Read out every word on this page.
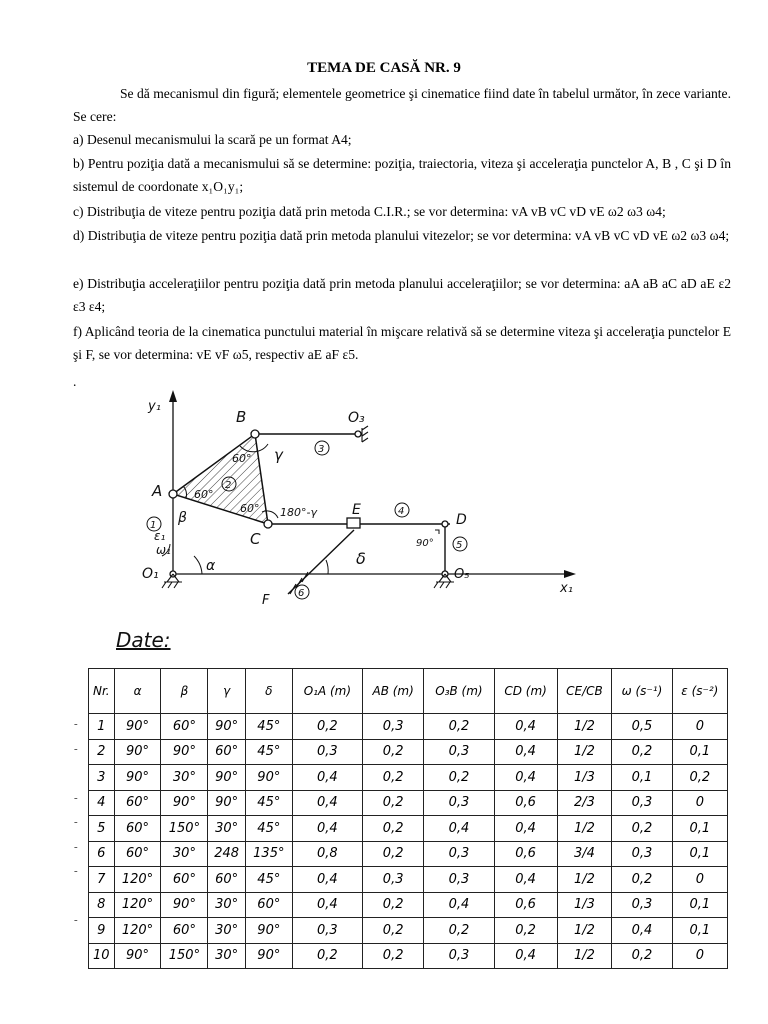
TEMA DE CASĂ NR. 9
Se dă mecanismul din figură; elementele geometrice şi cinematice fiind date în tabelul următor, în zece variante. Se cere:
a) Desenul mecanismului la scară pe un format A4;
b) Pentru poziţia dată a mecanismului să se determine: poziţia, traiectoria, viteza şi acceleraţia punctelor A, B , C şi D în sistemul de coordonate x₁O₁y₁;
c) Distribuţia de viteze pentru poziţia dată prin metoda C.I.R.; se vor determina: vA vB vC vD vE ω2 ω3 ω4;
d) Distribuţia de viteze pentru poziţia dată prin metoda planului vitezelor; se vor determina: vA vB vC vD vE ω2 ω3 ω4;
e) Distribuţia acceleraţiilor pentru poziţia dată prin metoda planului acceleraţiilor; se vor determina: aA aB aC aD aE ε2 ε3 ε4;
f) Aplicând teoria de la cinematica punctului material în mişcare relativă să se determine viteza şi acceleraţia punctelor E şi F, se vor determina: vE vF ω5, respectiv aE aF ε5.
.
y₁
x₁
B	O₃
A
C
E
D
O₁	O₅
F
60°
60°
60°
γ
180°-γ
β
α	δ
ε₁
ω₁	90°
1
2
3
4
5
6
Date:
-
-
-
-
-
-
-
Nr.	α	β	γ	δ	O₁A (m)	AB (m)	O₃B (m)	CD (m)	CE/CB	ω (s⁻¹)	ε (s⁻²)
1	90°	60°	90°	45°	0,2	0,3	0,2	0,4	1/2	0,5	0
2	90°	90°	60°	45°	0,3	0,2	0,3	0,4	1/2	0,2	0,1
3	90°	30°	90°	90°	0,4	0,2	0,2	0,4	1/3	0,1	0,2
4	60°	90°	90°	45°	0,4	0,2	0,3	0,6	2/3	0,3	0
5	60°	150°	30°	45°	0,4	0,2	0,4	0,4	1/2	0,2	0,1
6	60°	30°	248	135°	0,8	0,2	0,3	0,6	3/4	0,3	0,1
7	120°	60°	60°	45°	0,4	0,3	0,3	0,4	1/2	0,2	0
8	120°	90°	30°	60°	0,4	0,2	0,4	0,6	1/3	0,3	0,1
9	120°	60°	30°	90°	0,3	0,2	0,2	0,2	1/2	0,4	0,1
10	90°	150°	30°	90°	0,2	0,2	0,3	0,4	1/2	0,2	0
